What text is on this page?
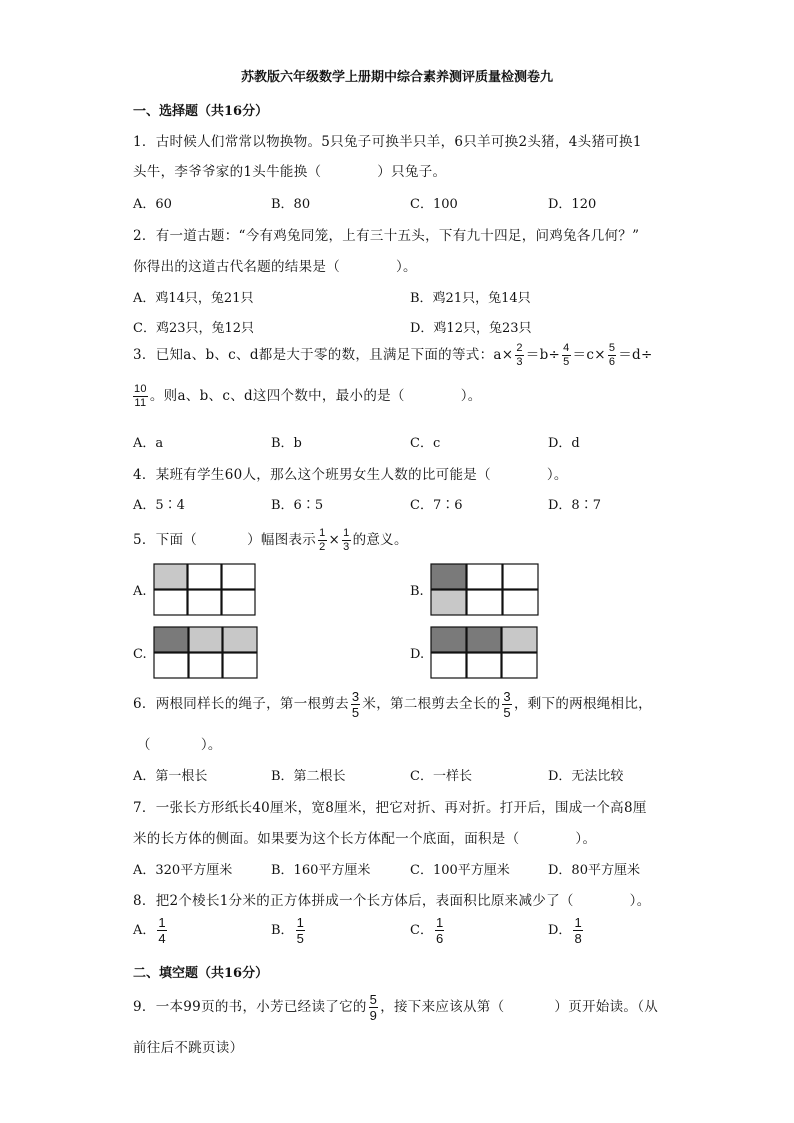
苏教版六年级数学上册期中综合素养测评质量检测卷九
一、选择题（共16分）
1．古时候人们常常以物换物。5只兔子可换半只羊，6只羊可换2头猪，4头猪可换1
头牛，李爷爷家的1头牛能换（	）只兔子。
A．60	B．80	C．100	D．120
2．有一道古题：“今有鸡兔同笼，上有三十五头，下有九十四足，问鸡兔各几何？”
你得出的这道古代名题的结果是（	）。
A．鸡14只，兔21只	B．鸡21只，兔14只
C．鸡23只，兔12只	D．鸡12只，兔23只
3．已知a、b、c、d都是大于零的数，且满足下面的等式：$a\times \frac{2}{3} =b\div \frac{4}{5} =c\times \frac{5}{6} =d\div$
$\frac{10}{11}$ 。则a、b、c、d这四个数中，最小的是（	）。
A．a	B．b	C．c	D．d
4．某班有学生60人，那么这个班男女生人数的比可能是（	）。
A．5∶4	B．6∶5	C．7∶6	D．8∶7
5．下面（	）幅图表示 $\frac{1}{2} \times \frac{1}{3}$ 的意义。
A.	B.
C.	D.
6．两根同样长的绳子，第一根剪去 $\frac{3}{5}$ 米，第二根剪去全长的 $\frac{3}{5}$ ，剩下的两根绳相比，
（	）。
A．第一根长	B．第二根长	C．一样长	D．无法比较
7．一张长方形纸长40厘米，宽8厘米，把它对折、再对折。打开后，围成一个高8厘
米的长方体的侧面。如果要为这个长方体配一个底面，面积是（	）。
A．320平方厘米	B．160平方厘米	C．100平方厘米	D．80平方厘米
8．把2个棱长1分米的正方体拼成一个长方体后，表面积比原来减少了（	）。
A． $\frac{1}{4}$	B． $\frac{1}{5}$	C． $\frac{1}{6}$	D． $\frac{1}{8}$
二、填空题（共16分）
9．一本99页的书，小芳已经读了它的 $\frac{5}{9}$ ，接下来应该从第（	）页开始读。（从
前往后不跳页读）
